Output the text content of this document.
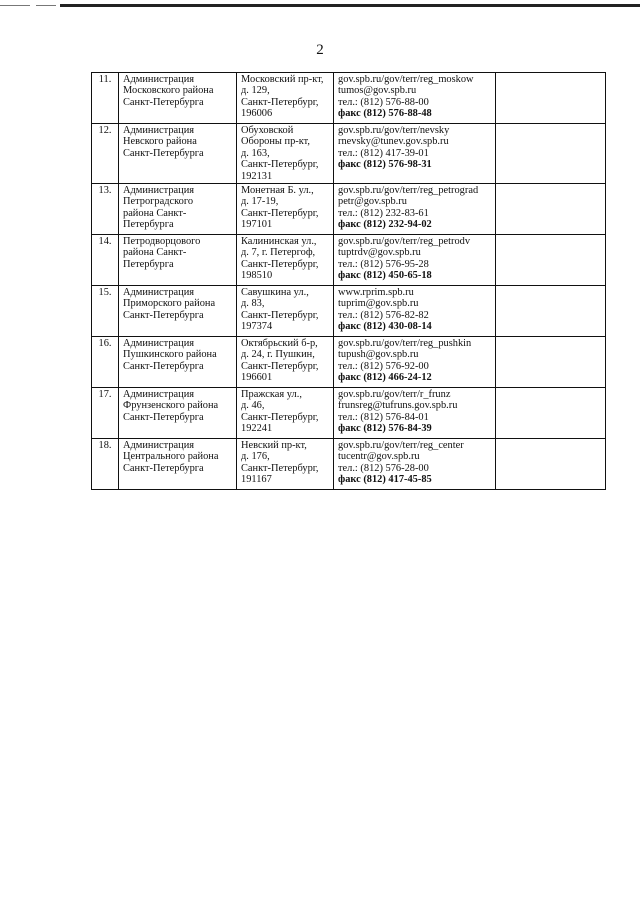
2
11.	Администрация
Московского района
Санкт-Петербурга	Московский пр-кт,
д. 129,
Санкт-Петербург,
196006	gov.spb.ru/gov/terr/reg_moskow
tumos@gov.spb.ru
тел.: (812) 576-88-00
факс (812) 576-88-48	

12.	Администрация
Невского района
Санкт-Петербурга	Обуховской
Обороны пр-кт,
д. 163,
Санкт-Петербург,
192131	gov.spb.ru/gov/terr/nevsky
rnevsky@tunev.gov.spb.ru
тел.: (812) 417-39-01
факс (812) 576-98-31	

13.	Администрация
Петроградского
района Санкт-
Петербурга	Монетная Б. ул.,
д. 17-19,
Санкт-Петербург,
197101	gov.spb.ru/gov/terr/reg_petrograd
petr@gov.spb.ru
тел.: (812) 232-83-61
факс (812) 232-94-02	

14.	Петродворцового
района Санкт-
Петербурга	Калининская ул.,
д. 7, г. Петергоф,
Санкт-Петербург,
198510	gov.spb.ru/gov/terr/reg_petrodv
tuptrdv@gov.spb.ru
тел.: (812) 576-95-28
факс (812) 450-65-18	

15.	Администрация
Приморского района
Санкт-Петербурга	Савушкина ул.,
д. 83,
Санкт-Петербург,
197374	www.rprim.spb.ru
tuprim@gov.spb.ru
тел.: (812) 576-82-82
факс (812) 430-08-14	

16.	Администрация
Пушкинского района
Санкт-Петербурга	Октябрьский б-р,
д. 24, г. Пушкин,
Санкт-Петербург,
196601	gov.spb.ru/gov/terr/reg_pushkin
tupush@gov.spb.ru
тел.: (812) 576-92-00
факс (812) 466-24-12	

17.	Администрация
Фрунзенского района
Санкт-Петербурга	Пражская ул.,
д. 46,
Санкт-Петербург,
192241	gov.spb.ru/gov/terr/r_frunz
frunsreg@tufruns.gov.spb.ru
тел.: (812) 576-84-01
факс (812) 576-84-39	

18.	Администрация
Центрального района
Санкт-Петербурга	Невский пр-кт,
д. 176,
Санкт-Петербург,
191167	gov.spb.ru/gov/terr/reg_center
tucentr@gov.spb.ru
тел.: (812) 576-28-00
факс (812) 417-45-85	
